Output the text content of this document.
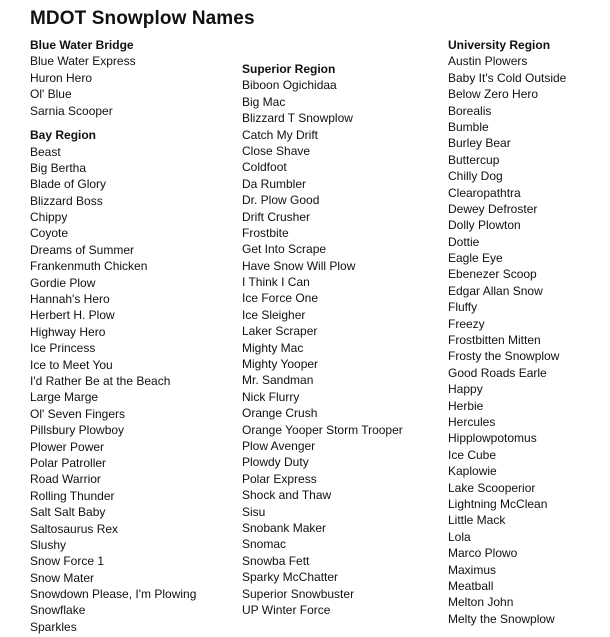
MDOT Snowplow Names
Blue Water Bridge
Blue Water Express
Huron Hero
Ol' Blue
Sarnia Scooper
Bay Region
Beast
Big Bertha
Blade of Glory
Blizzard Boss
Chippy
Coyote
Dreams of Summer
Frankenmuth Chicken
Gordie Plow
Hannah's Hero
Herbert H. Plow
Highway Hero
Ice Princess
Ice to Meet You
I'd Rather Be at the Beach
Large Marge
Ol' Seven Fingers
Pillsbury Plowboy
Plower Power
Polar Patroller
Road Warrior
Rolling Thunder
Salt Salt Baby
Saltosaurus Rex
Slushy
Snow Force 1
Snow Mater
Snowdown Please, I'm Plowing
Snowflake
Sparkles
Superior Region
Biboon Ogichidaa
Big Mac
Blizzard T Snowplow
Catch My Drift
Close Shave
Coldfoot
Da Rumbler
Dr. Plow Good
Drift Crusher
Frostbite
Get Into Scrape
Have Snow Will Plow
I Think I Can
Ice Force One
Ice Sleigher
Laker Scraper
Mighty Mac
Mighty Yooper
Mr. Sandman
Nick Flurry
Orange Crush
Orange Yooper Storm Trooper
Plow Avenger
Plowdy Duty
Polar Express
Shock and Thaw
Sisu
Snobank Maker
Snomac
Snowba Fett
Sparky McChatter
Superior Snowbuster
UP Winter Force
University Region
Austin Plowers
Baby It's Cold Outside
Below Zero Hero
Borealis
Bumble
Burley Bear
Buttercup
Chilly Dog
Clearopathtra
Dewey Defroster
Dolly Plowton
Dottie
Eagle Eye
Ebenezer Scoop
Edgar Allan Snow
Fluffy
Freezy
Frostbitten Mitten
Frosty the Snowplow
Good Roads Earle
Happy
Herbie
Hercules
Hipplowpotomus
Ice Cube
Kaplowie
Lake Scooperior
Lightning McClean
Little Mack
Lola
Marco Plowo
Maximus
Meatball
Melton John
Melty the Snowplow
